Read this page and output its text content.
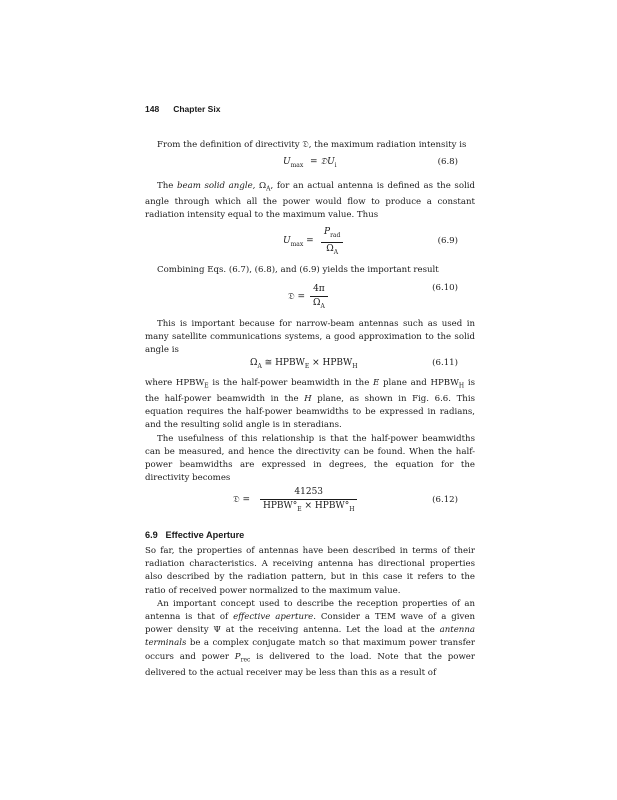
148 Chapter Six

From the definition of directivity 𝔇, the maximum radiation intensity is

$U_{max}$ = 𝔇U$_i$	(6.8)

The beam solid angle, $\Omega_A$, for an actual antenna is defined as the solid angle through which all the power would flow to produce a constant radiation intensity equal to the maximum value. Thus

$U_{max} = \frac{P_{rad}}{\Omega_A}$	(6.9)

Combining Eqs. (6.7), (6.8), and (6.9) yields the important result

𝔇 = $\frac{4\pi}{\Omega_A}$	(6.10)

This is important because for narrow-beam antennas such as used in many satellite communications systems, a good approximation to the solid angle is

$\Omega_A$ ≅ $HPBW_E$ × $HPBW_H$	(6.11)

where $HPBW_E$ is the half-power beamwidth in the E plane and $HPBW_H$ is the half-power beamwidth in the H plane, as shown in Fig. 6.6. This equation requires the half-power beamwidths to be expressed in radians, and the resulting solid angle is in steradians.

The usefulness of this relationship is that the half-power beamwidths can be measured, and hence the directivity can be found. When the half-power beamwidths are expressed in degrees, the equation for the directivity becomes

𝔇 = $\frac{41253}{HPBW^\circ_E \times HPBW^\circ_H}$	(6.12)
6.9 Effective Aperture

So far, the properties of antennas have been described in terms of their radiation characteristics. A receiving antenna has directional properties also described by the radiation pattern, but in this case it refers to the ratio of received power normalized to the maximum value.

An important concept used to describe the reception properties of an antenna is that of effective aperture. Consider a TEM wave of a given power density Ψ at the receiving antenna. Let the load at the antenna terminals be a complex conjugate match so that maximum power transfer occurs and power $P_{rec}$ is delivered to the load. Note that the power delivered to the actual receiver may be less than this as a result of
